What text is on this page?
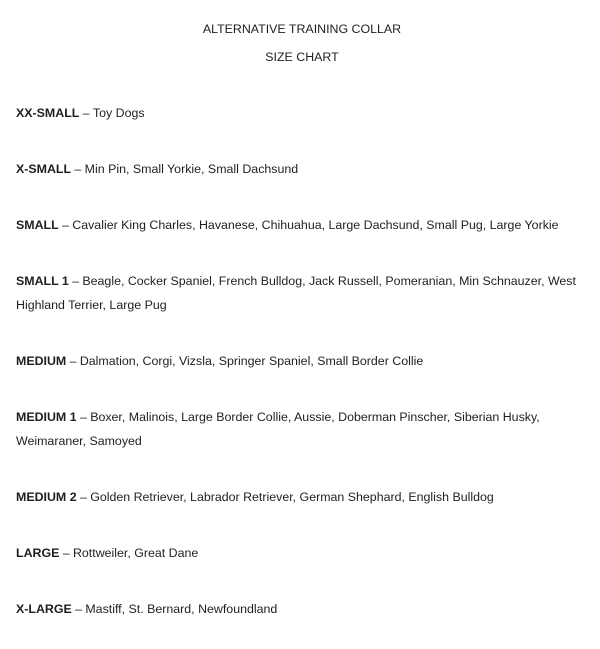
ALTERNATIVE TRAINING COLLAR

SIZE CHART

XX-SMALL – Toy Dogs

X-SMALL – Min Pin, Small Yorkie, Small Dachsund

SMALL – Cavalier King Charles, Havanese, Chihuahua, Large Dachsund, Small Pug, Large Yorkie

SMALL 1 – Beagle, Cocker Spaniel, French Bulldog, Jack Russell, Pomeranian, Min Schnauzer, West Highland Terrier, Large Pug

MEDIUM – Dalmation, Corgi, Vizsla, Springer Spaniel, Small Border Collie

MEDIUM 1 – Boxer, Malinois, Large Border Collie, Aussie, Doberman Pinscher, Siberian Husky, Weimaraner, Samoyed

MEDIUM 2 – Golden Retriever, Labrador Retriever, German Shephard, English Bulldog

LARGE – Rottweiler, Great Dane

X-LARGE – Mastiff, St. Bernard, Newfoundland
